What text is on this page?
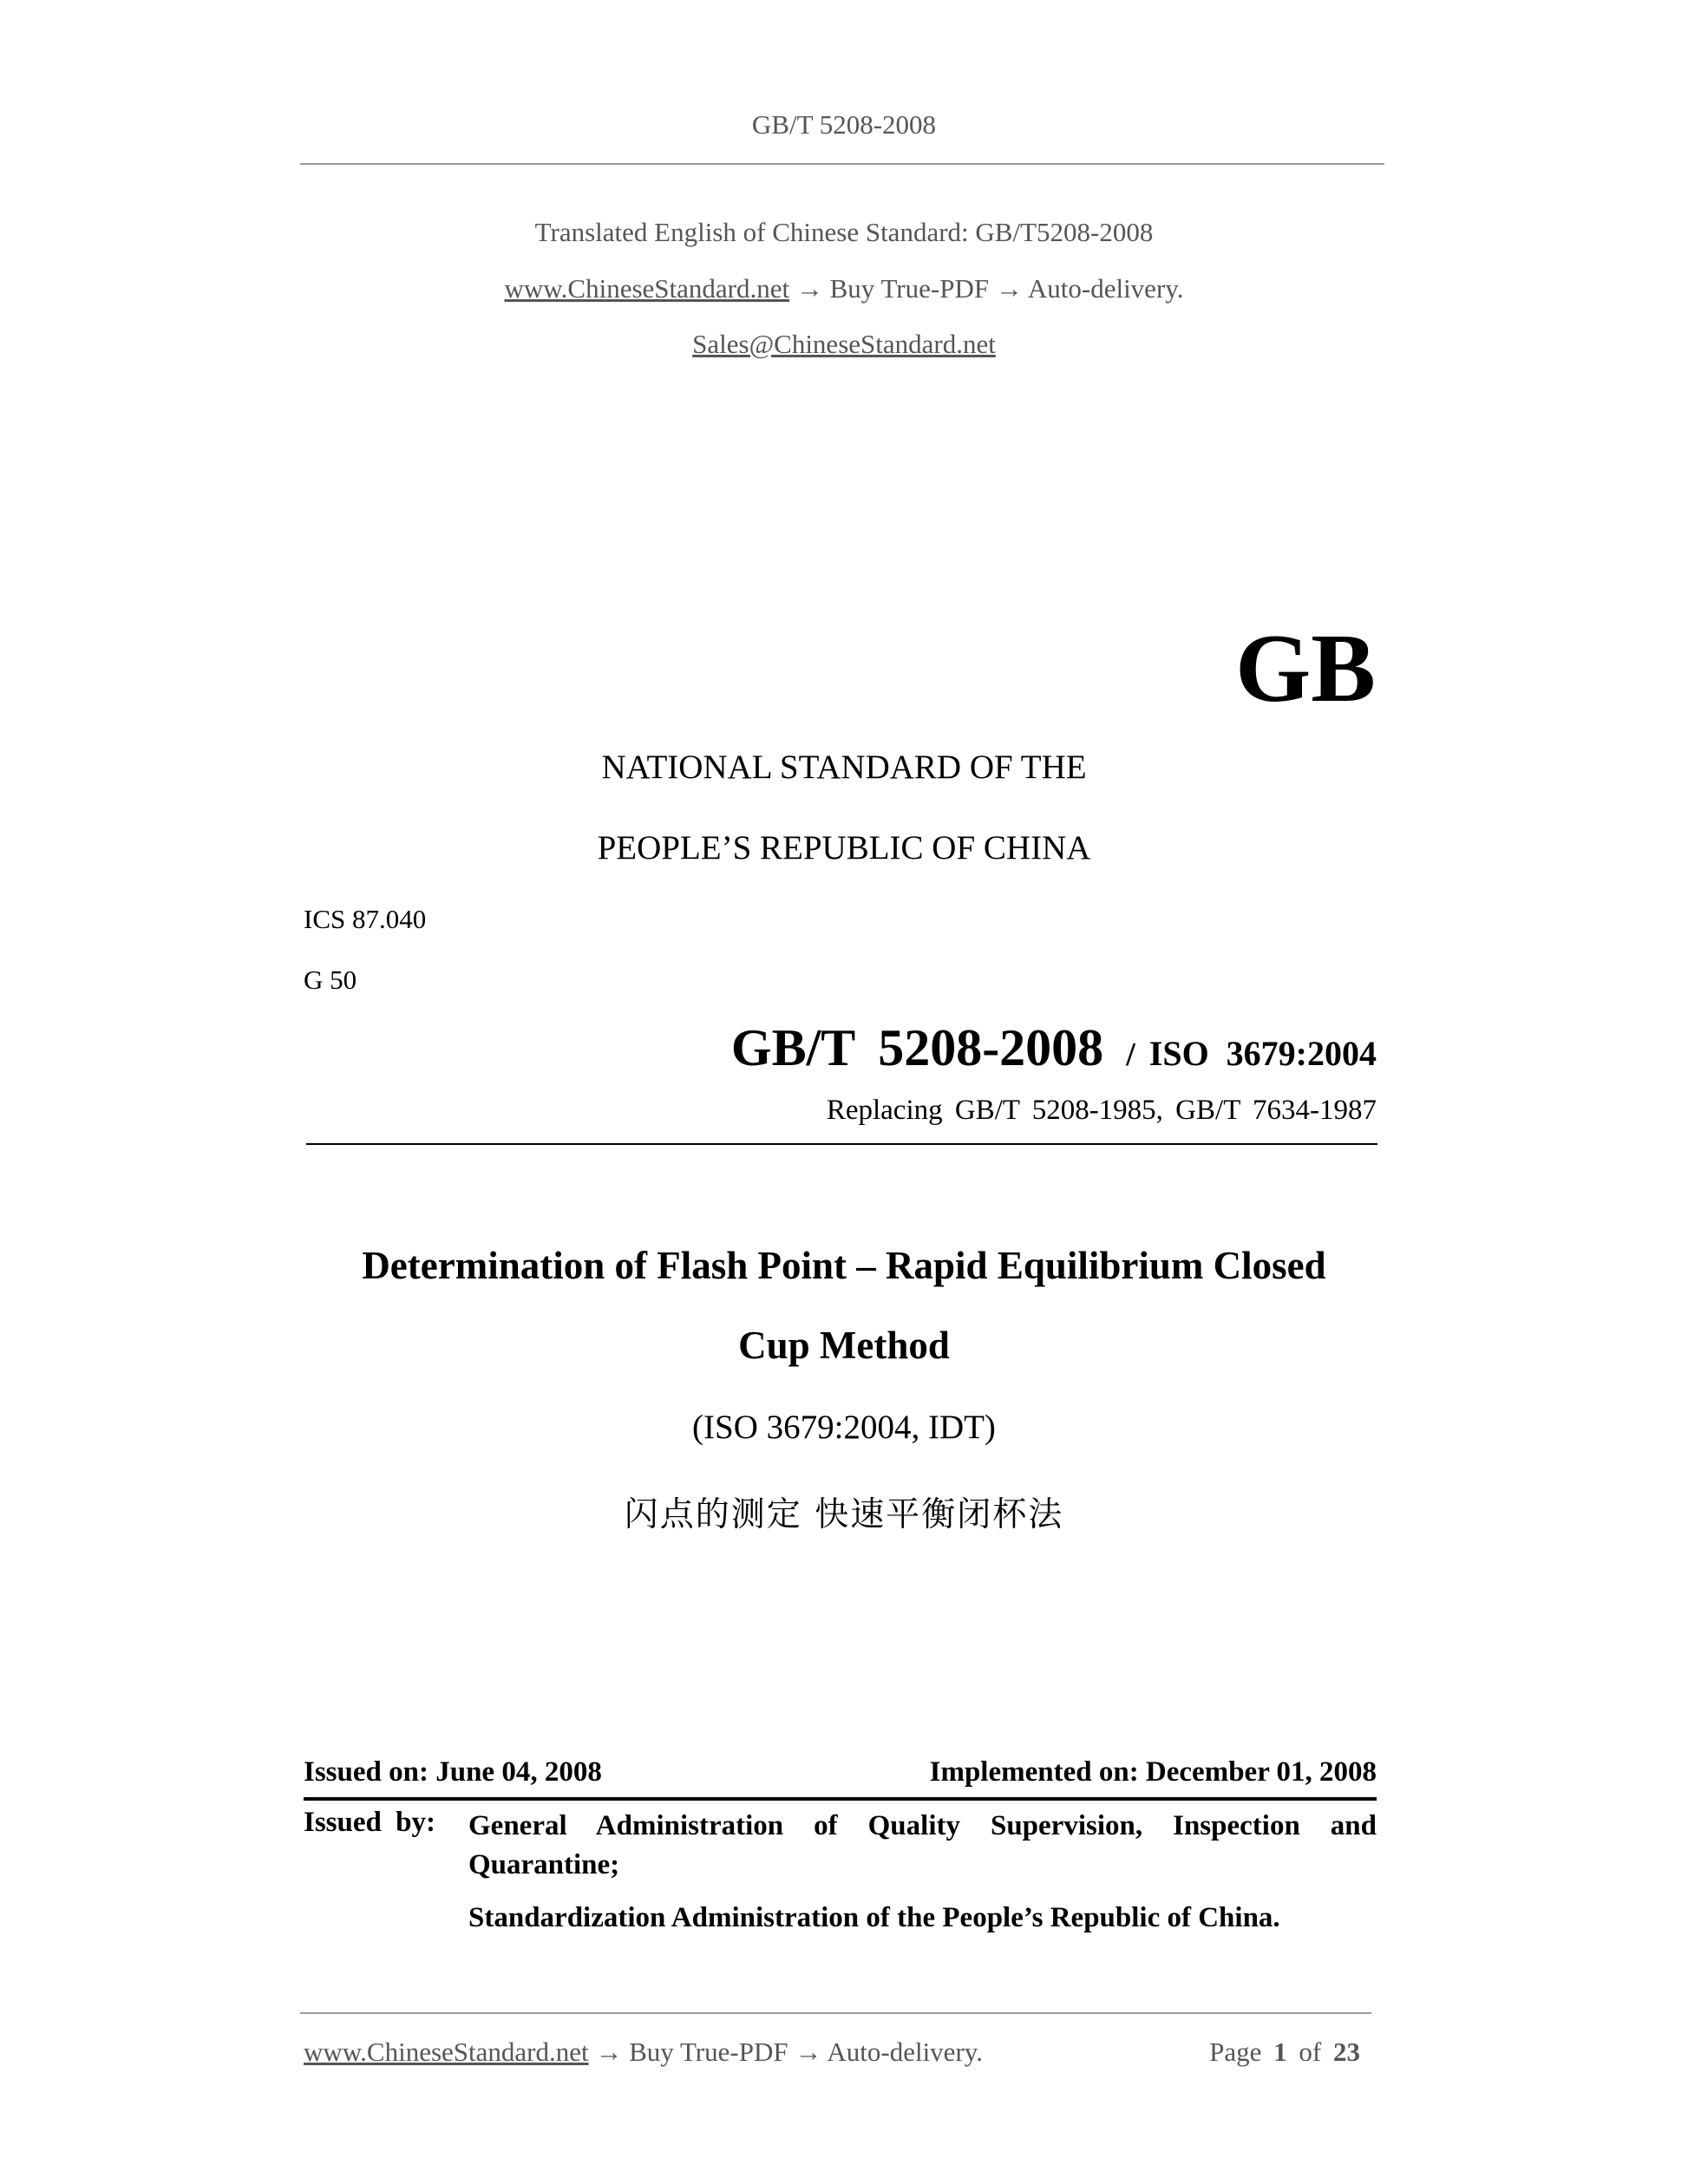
GB/T 5208-2008
Translated English of Chinese Standard: GB/T5208-2008
www.ChineseStandard.net → Buy True-PDF → Auto-delivery.
Sales@ChineseStandard.net
GB
NATIONAL STANDARD OF THE
PEOPLE’S REPUBLIC OF CHINA
ICS 87.040
G 50
GB/T 5208-2008 / ISO 3679:2004
Replacing GB/T 5208-1985, GB/T 7634-1987
Determination of Flash Point – Rapid Equilibrium Closed
Cup Method
(ISO 3679:2004, IDT)
闪点的测定 快速平衡闭杯法
Issued on: June 04, 2008	Implemented on: December 01, 2008
Issued by: General Administration of Quality Supervision, Inspection and Quarantine;
Standardization Administration of the People’s Republic of China.
www.ChineseStandard.net → Buy True-PDF → Auto-delivery.	Page 1 of 23
